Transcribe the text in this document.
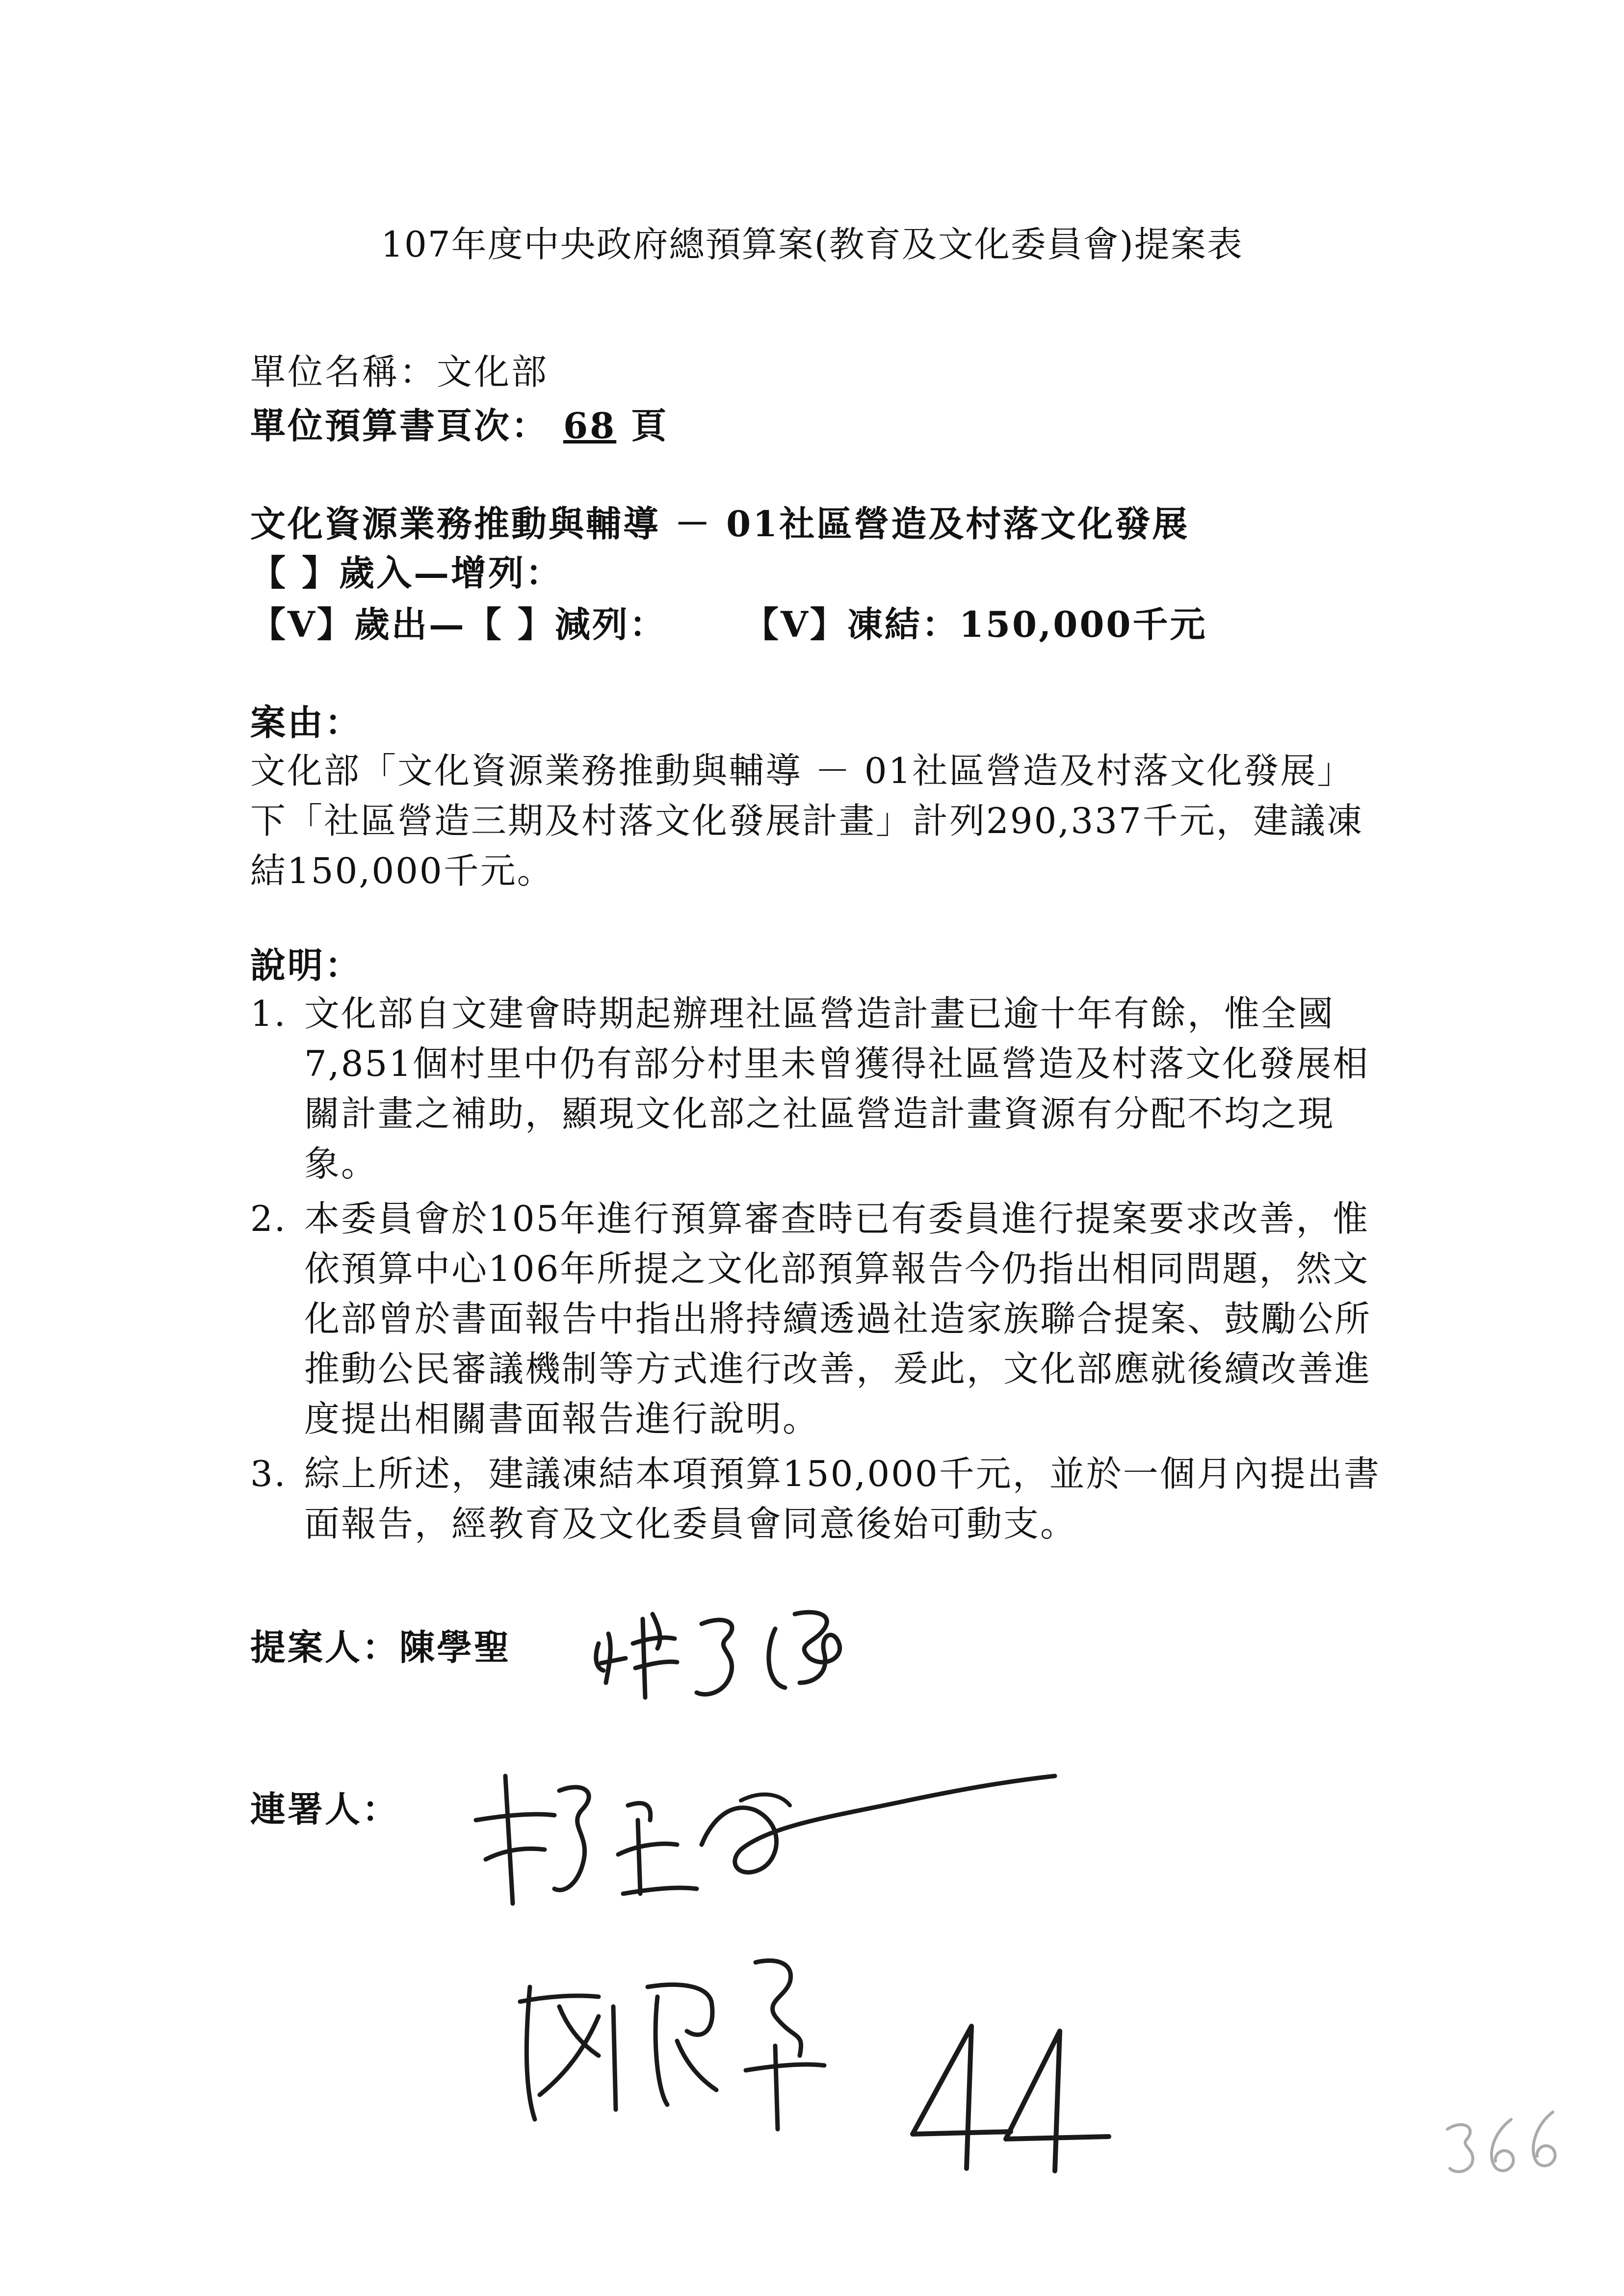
107年度中央政府總預算案(教育及文化委員會)提案表
單位名稱：文化部
單位預算書頁次： 68 頁
文化資源業務推動與輔導 － 01社區營造及村落文化發展
【 】歲入—增列：
【V】歲出—【 】減列： 【V】凍結：150,000千元
案由：
文化部「文化資源業務推動與輔導 － 01社區營造及村落文化發展」下「社區營造三期及村落文化發展計畫」計列290,337千元，建議凍結150,000千元。
說明：
1. 文化部自文建會時期起辦理社區營造計畫已逾十年有餘，惟全國7,851個村里中仍有部分村里未曾獲得社區營造及村落文化發展相關計畫之補助，顯現文化部之社區營造計畫資源有分配不均之現象。
2. 本委員會於105年進行預算審查時已有委員進行提案要求改善，惟依預算中心106年所提之文化部預算報告今仍指出相同問題，然文化部曾於書面報告中指出將持續透過社造家族聯合提案、鼓勵公所推動公民審議機制等方式進行改善，爰此，文化部應就後續改善進度提出相關書面報告進行說明。
3. 綜上所述，建議凍結本項預算150,000千元，並於一個月內提出書面報告，經教育及文化委員會同意後始可動支。
提案人：陳學聖
連署人：
